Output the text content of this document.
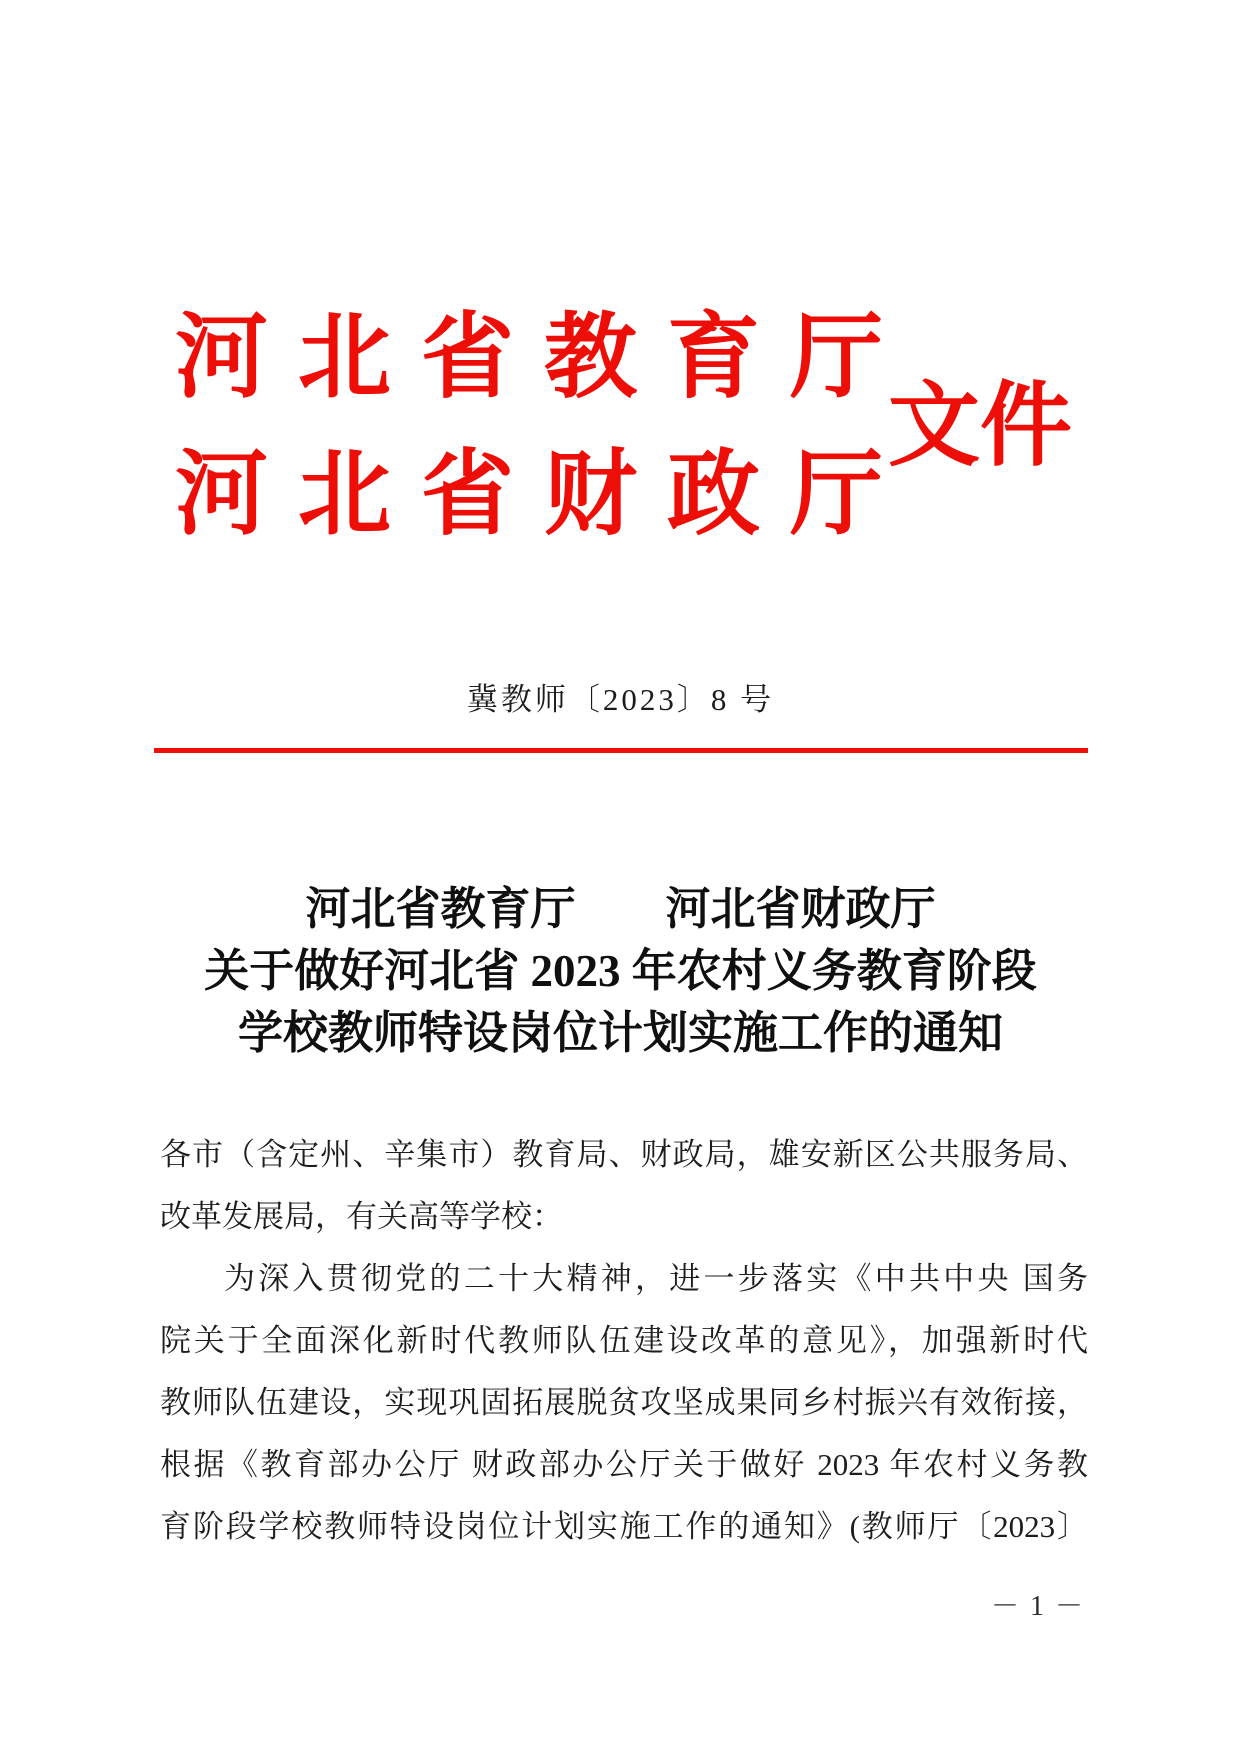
河北省教育厅
河北省财政厅
文件
冀教师〔2023〕8 号
河北省教育厅　　河北省财政厅
关于做好河北省 2023 年农村义务教育阶段
学校教师特设岗位计划实施工作的通知
各市（含定州、辛集市）教育局、财政局，雄安新区公共服务局、
改革发展局，有关高等学校：
为深入贯彻党的二十大精神，进一步落实《中共中央 国务
院关于全面深化新时代教师队伍建设改革的意见》，加强新时代
教师队伍建设，实现巩固拓展脱贫攻坚成果同乡村振兴有效衔接，
根据《教育部办公厅 财政部办公厅关于做好 2023 年农村义务教
育阶段学校教师特设岗位计划实施工作的通知》(教师厅〔2023〕
－ 1 －
